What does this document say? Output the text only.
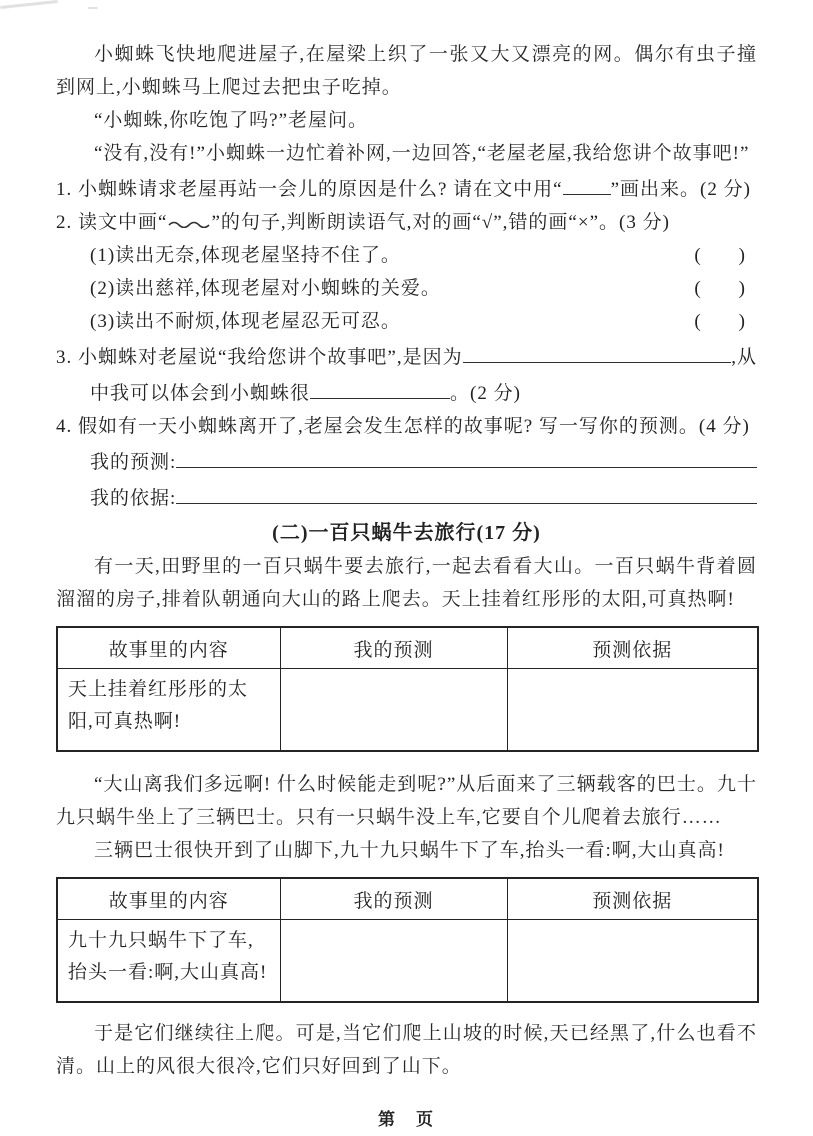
小蜘蛛飞快地爬进屋子,在屋梁上织了一张又大又漂亮的网。偶尔有虫子撞到网上,小蜘蛛马上爬过去把虫子吃掉。

“小蜘蛛,你吃饱了吗?”老屋问。

“没有,没有!”小蜘蛛一边忙着补网,一边回答,“老屋老屋,我给您讲个故事吧!”

1. 小蜘蛛请求老屋再站一会儿的原因是什么? 请在文中用“	”画出来。(2 分)
2. 读文中画“ ”的句子,判断朗读语气,对的画“√”,错的画“×”。(3 分)
(1)读出无奈,体现老屋坚持不住了。	(　　)
(2)读出慈祥,体现老屋对小蜘蛛的关爱。	(　　)
(3)读出不耐烦,体现老屋忍无可忍。	(　　)
3. 小蜘蛛对老屋说“我给您讲个故事吧”,是因为	,从
中我可以体会到小蜘蛛很	。(2 分)
4. 假如有一天小蜘蛛离开了,老屋会发生怎样的故事呢? 写一写你的预测。(4 分)
我的预测:
我的依据:
(二)一百只蜗牛去旅行(17 分)

有一天,田野里的一百只蜗牛要去旅行,一起去看看大山。一百只蜗牛背着圆溜溜的房子,排着队朝通向大山的路上爬去。天上挂着红彤彤的太阳,可真热啊!

故事里的内容	我的预测	预测依据
天上挂着红彤彤的太阳,可真热啊!		

“大山离我们多远啊! 什么时候能走到呢?”从后面来了三辆载客的巴士。九十九只蜗牛坐上了三辆巴士。只有一只蜗牛没上车,它要自个儿爬着去旅行……

三辆巴士很快开到了山脚下,九十九只蜗牛下了车,抬头一看:啊,大山真高!

故事里的内容	我的预测	预测依据
九十九只蜗牛下了车,抬头一看:啊,大山真高!		

于是它们继续往上爬。可是,当它们爬上山坡的时候,天已经黑了,什么也看不清。山上的风很大很冷,它们只好回到了山下。

第　页
